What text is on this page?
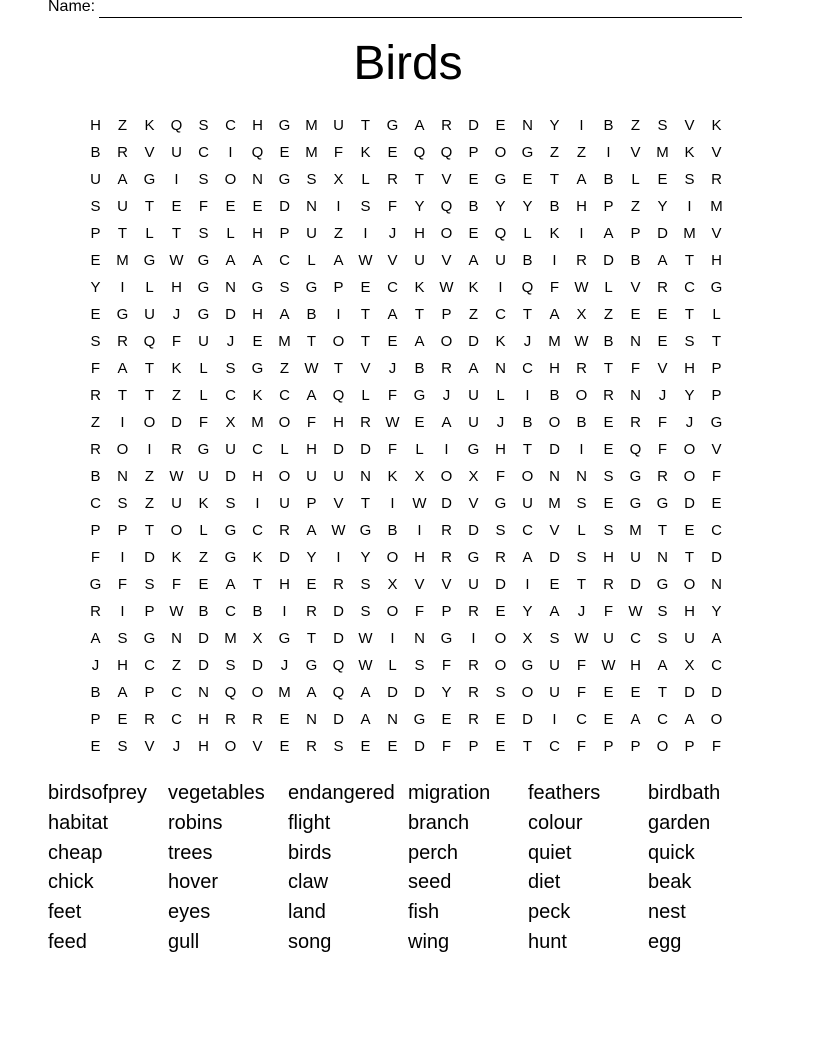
Name:
Birds
H	Z	K	Q	S	C	H	G M	U	T	G	A	R	D	E	N	Y	I	B	Z	S	V	K
B	R	V	U	C	I	Q	E	M	F	K	E	Q	Q	P	O	G	Z	Z	I	V	M	K	V
U	A	G	I	S	O	N	G	S	X	L	R	T	V	E	G	E	T	A	B	L	E	S	R
S	U	T	E	F	E	E	D	N	I	S	F	Y	Q	B	Y	Y	B	H	P	Z	Y	I	M
P	T	L	T	S	L	H	P	U	Z	I	J	H	O	E	Q	L	K	I	A	P	D	M	V
E	M G W G	A	A	C	L	A W V	U	V	A	U	B	I	R	D	B	A	T	H
Y	I	L	H	G	N	G	S	G	P	E	C	K W K	I	Q	F	W	L	V	R	C	G
E	G	U	J	G	D	H	A	B	I	T	A	T	P	Z	C	T	A	X	Z	E	E	T	L
S	R	Q	F	U	J	E	M	T	O	T	E	A	O	D	K	J	M W B	N	E	S	T
F	A	T	K	L	S	G	Z	W	T	V	J	B	R	A	N	C	H	R	T	F	V	H	P
R	T	T	Z	L	C	K	C	A	Q	L	F	G	J	U	L	I	B	O	R	N	J	Y	P
Z	I	O	D	F	X	M O	F	H	R W E	A	U	J	B	O	B	E	R	F	J	G
R	O	I	R	G	U	C	L	H	D	D	F	L	I	G	H	T	D	I	E	Q	F	O	V
B	N	Z	W U	D	H	O	U	U	N	K	X	O	X	F	O	N	N	S	G	R	O	F
C	S	Z	U	K	S	I	U	P	V	T	I	W D	V	G	U	M	S	E	G	G	D	E
P	P	T	O	L	G	C	R	A W G	B	I	R	D	S	C	V	L	S	M	T	E	C
F	I	D	K	Z	G	K	D	Y	I	Y	O	H	R	G	R	A	D	S	H	U	N	T	D
G	F	S	F	E	A	T	H	E	R	S	X	V	V	U	D	I	E	T	R	D	G	O	N
R	I	P W B	C	B	I	R	D	S	O	F	P	R	E	Y	A	J	F	W S	H	Y
A	S	G	N	D	M	X	G	T	D W	I	N	G	I	O	X	S W U	C	S	U	A
J	H	C	Z	D	S	D	J	G	Q W	L	S	F	R	O	G	U	F	W H	A	X	C
B	A	P	C	N	Q	O M	A	Q	A	D	D	Y	R	S	O	U	F	E	E	T	D	D
P	E	R	C	H	R	R	E	N	D	A	N	G	E	R	E	D	I	C	E	A	C	A	O
E	S	V	J	H	O	V	E	R	S	E	E	D	F	P	E	T	C	F	P	P	O	P	F
birdsofprey	vegetables	endangered migration	feathers	birdbath
habitat	robins	flight	branch	colour	garden
cheap	trees	birds	perch	quiet	quick
chick	hover	claw	seed	diet	beak
feet	eyes	land	fish	peck	nest
feed	gull	song	wing	hunt	egg
